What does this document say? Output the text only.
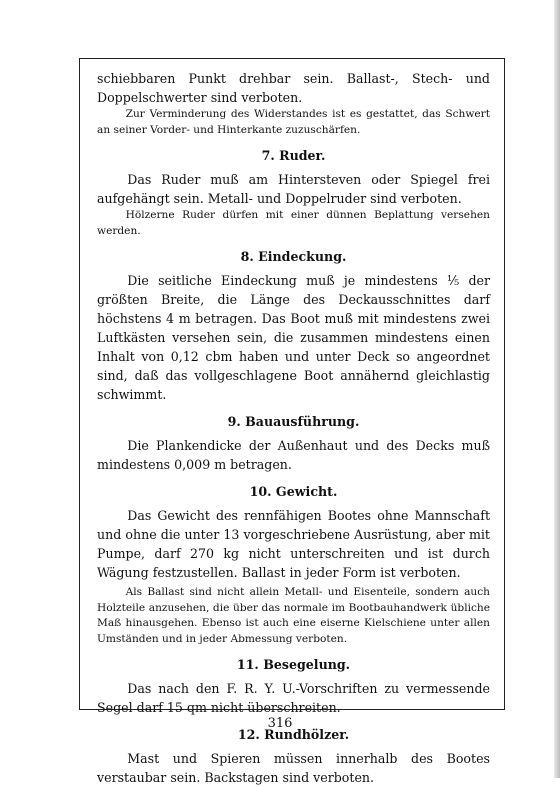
schiebbaren Punkt drehbar sein. Ballast-, Stech- und Doppelschwerter sind verboten.

Zur Verminderung des Widerstandes ist es gestattet, das Schwert an seiner Vorder- und Hinterkante zuzuschärfen.

7. Ruder.

Das Ruder muß am Hintersteven oder Spiegel frei aufgehängt sein. Metall- und Doppelruder sind verboten.

Hölzerne Ruder dürfen mit einer dünnen Beplattung versehen werden.

8. Eindeckung.

Die seitliche Eindeckung muß je mindestens ⅕ der größten Breite, die Länge des Deckausschnittes darf höchstens 4 m betragen. Das Boot muß mit mindestens zwei Luftkästen versehen sein, die zusammen mindestens einen Inhalt von 0,12 cbm haben und unter Deck so angeordnet sind, daß das vollgeschlagene Boot annähernd gleichlastig schwimmt.

9. Bauausführung.

Die Plankendicke der Außenhaut und des Decks muß mindestens 0,009 m betragen.

10. Gewicht.

Das Gewicht des rennfähigen Bootes ohne Mannschaft und ohne die unter 13 vorgeschriebene Ausrüstung, aber mit Pumpe, darf 270 kg nicht unterschreiten und ist durch Wägung festzustellen. Ballast in jeder Form ist verboten.

Als Ballast sind nicht allein Metall- und Eisenteile, sondern auch Holzteile anzusehen, die über das normale im Bootbauhandwerk übliche Maß hinausgehen. Ebenso ist auch eine eiserne Kielschiene unter allen Umständen und in jeder Abmessung verboten.

11. Besegelung.

Das nach den F. R. Y. U.-Vorschriften zu vermessende Segel darf 15 qm nicht überschreiten.

12. Rundhölzer.

Mast und Spieren müssen innerhalb des Bootes verstaubar sein. Backstagen sind verboten.

316
